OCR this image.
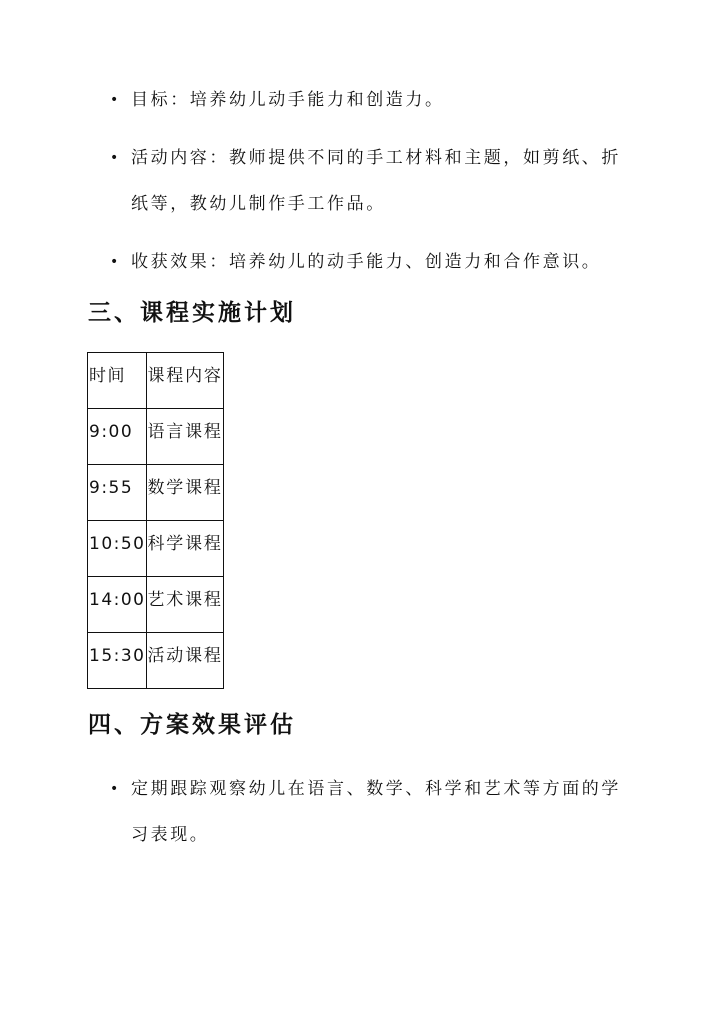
• 目标：培养幼儿动手能力和创造力。
• 活动内容：教师提供不同的手工材料和主题，如剪纸、折纸等，教幼儿制作手工作品。
• 收获效果：培养幼儿的动手能力、创造力和合作意识。
三、课程实施计划
时间	课程内容
9:00	语言课程
9:55	数学课程
10:50	科学课程
14:00	艺术课程
15:30	活动课程
四、方案效果评估
• 定期跟踪观察幼儿在语言、数学、科学和艺术等方面的学习表现。
